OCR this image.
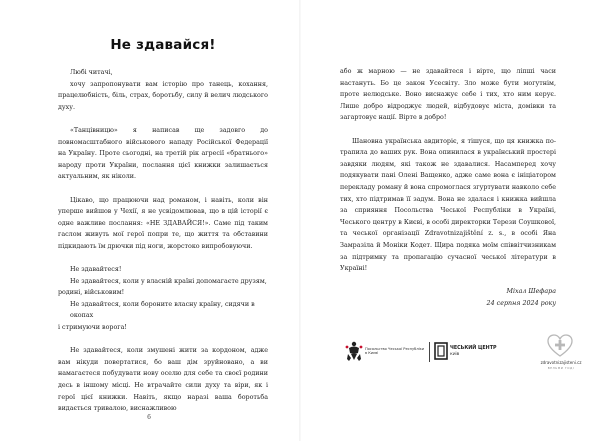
Не здавайся!

Любі читачі,

хочу запропонувати вам історію про танець, кохання, працелюбність, біль, страх, боротьбу, силу й велич людського духу.

«Танцівницю» я написав ще задовго до повномасштабного військового нападу Російської Федерації на Україну. Проте сьогодні, на третій рік агресії «братнього» народу проти України, послання цієї книжки залишається актуальним, як ніколи.

Цікаво, що працюючи над романом, і навіть, коли він уперше вийшов у Чехії, я не усвідомлював, що в цій історії є одне важливе послання: «НЕ ЗДАВАЙСЯ!». Саме під таким гаслом живуть мої герої попри те, що життя та обставини підкидають їм дрючки під ноги, жорстоко випробовуючи.

Не здавайтеся!
Не здавайтеся, коли у власній країні допомагаєте друзям,
родині, військовим!
Не здавайтеся, коли бороните власну країну, сидячи в окопах
і стримуючи ворога!

Не здавайтеся, коли змушені жити за кордоном, адже вам нікуди повертатися, бо ваш дім зруйновано, а ви намагаєтеся побудувати нову оселю для себе та своєї родини десь в іншому місці. Не втрачайте сили духу та віри, як і герої цієї книжки. Навіть, якщо наразі ваша боротьба видається тривалою, виснажливою

6

або ж марною — не здавайтеся і вірте, що ліпші часи настануть. Бо це закон Усесвіту. Зло може бути могутнім, проте нелюдське. Воно виснажує себе і тих, хто ним керує. Лише добро відроджує людей, відбудовує міста, домівки та загартовує нації. Вірте в добро!

Шановна українська авдиторіє, я тішуся, що ця книжка потрапила до ваших рук. Вона опинилася в український простері завдяки людям, які також не здавалися. Насамперед хочу подякувати пані Олені Ващенко, адже саме вона є ініціатором перекладу роману й вона спромоглася згуртувати навколо себе тих, хто підтримав її задум. Вона не здалася і книжка вийшла за сприяння Посольства Чеської Республіки в Україні, Чеського центру в Києві, в особі директорки Терези Соушкової, та чеської організації Zdravotnizajištění z. s., в особі Яна Замразіла й Моніки Кодет. Щира подяка моїм співвітчизникам за підтримку та пропагацію сучасної чеської літератури в Україні!

Міхал Шефара
24 серпня 2024 року
Посольство Чеської Республіки в Києві
ЧЕСЬКИЙ ЦЕНТР
КИЇВ
zdravotnizajisteni.cz
ВЕЛЬМИ ГОДІ
